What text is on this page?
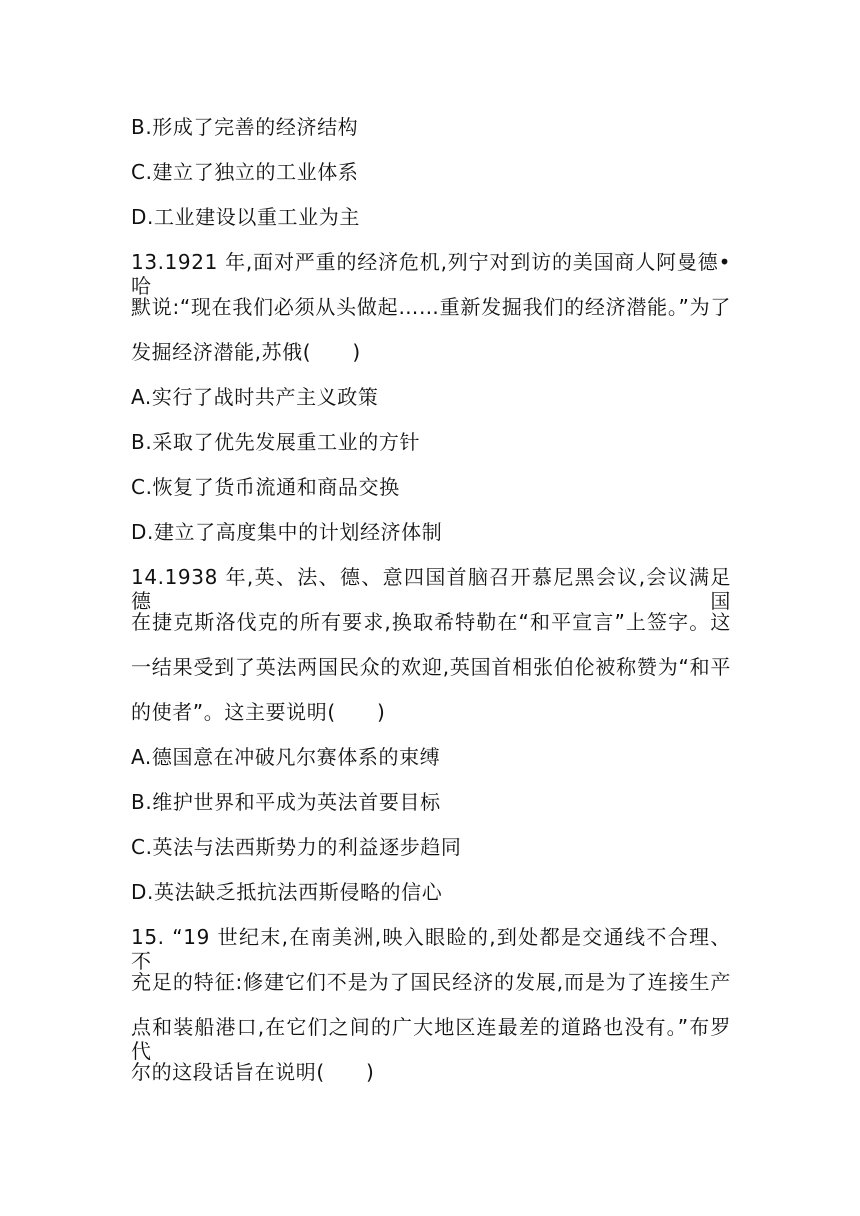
B.形成了完善的经济结构
C.建立了独立的工业体系
D.工业建设以重工业为主
13.1921 年,面对严重的经济危机,列宁对到访的美国商人阿曼德•哈
默说:“现在我们必须从头做起……重新发掘我们的经济潜能。”为了
发掘经济潜能,苏俄(　　)
A.实行了战时共产主义政策
B.采取了优先发展重工业的方针
C.恢复了货币流通和商品交换
D.建立了高度集中的计划经济体制
14.1938 年,英、法、德、意四国首脑召开慕尼黑会议,会议满足德国
在捷克斯洛伐克的所有要求,换取希特勒在“和平宣言”上签字。这
一结果受到了英法两国民众的欢迎,英国首相张伯伦被称赞为“和平
的使者”。这主要说明(　　)
A.德国意在冲破凡尔赛体系的束缚
B.维护世界和平成为英法首要目标
C.英法与法西斯势力的利益逐步趋同
D.英法缺乏抵抗法西斯侵略的信心
15. “19 世纪末,在南美洲,映入眼睑的,到处都是交通线不合理、不
充足的特征:修建它们不是为了国民经济的发展,而是为了连接生产
点和装船港口,在它们之间的广大地区连最差的道路也没有。”布罗代
尔的这段话旨在说明(　　)
